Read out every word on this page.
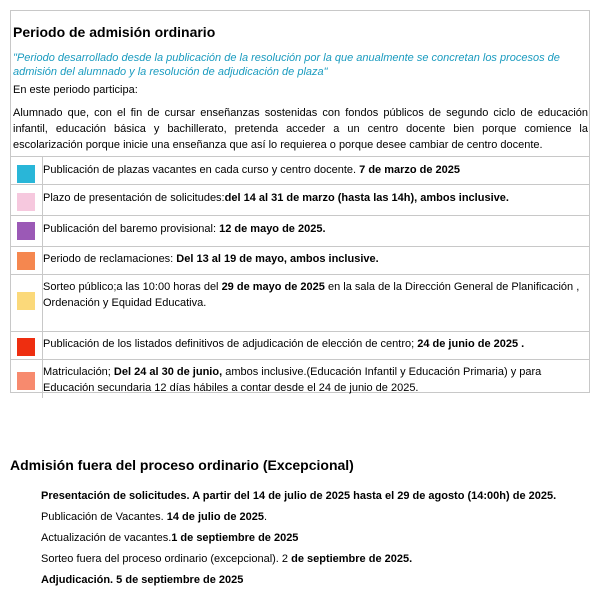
Periodo de admisión ordinario

"Periodo desarrollado desde la publicación de la resolución por la que anualmente se concretan los procesos de admisión del alumnado y la resolución de adjudicación de plaza"

En este periodo participa:

Alumnado que, con el fin de cursar enseñanzas sostenidas con fondos públicos de segundo ciclo de educación infantil, educación básica y bachillerato, pretenda acceder a un centro docente bien porque comience la escolarización porque inicie una enseñanza que así lo requierea o porque desee cambiar de centro docente.

Publicación de plazas vacantes en cada curso y centro docente. 7 de marzo de 2025
Plazo de presentación de solicitudes:del 14 al 31 de marzo (hasta las 14h), ambos inclusive.
Publicación del baremo provisional: 12 de mayo de 2025.
Periodo de reclamaciones: Del 13 al 19 de mayo, ambos inclusive.
Sorteo público;a las 10:00 horas del 29 de mayo de 2025 en la sala de la Dirección General de Planificación , Ordenación y Equidad Educativa.
Publicación de los listados definitivos de adjudicación de elección de centro; 24 de junio de 2025 .
Matriculación; Del 24 al 30 de junio, ambos inclusive.(Educación Infantil y Educación Primaria) y para Educación secundaria 12 días hábiles a contar desde el 24 de junio de 2025.
Admisión fuera del proceso ordinario (Excepcional)
Presentación de solicitudes. A partir del 14 de julio de 2025 hasta el 29 de agosto (14:00h) de 2025.
Publicación de Vacantes. 14 de julio de 2025.
Actualización de vacantes.1 de septiembre de 2025
Sorteo fuera del proceso ordinario (excepcional). 2 de septiembre de 2025.
Adjudicación. 5 de septiembre de 2025
